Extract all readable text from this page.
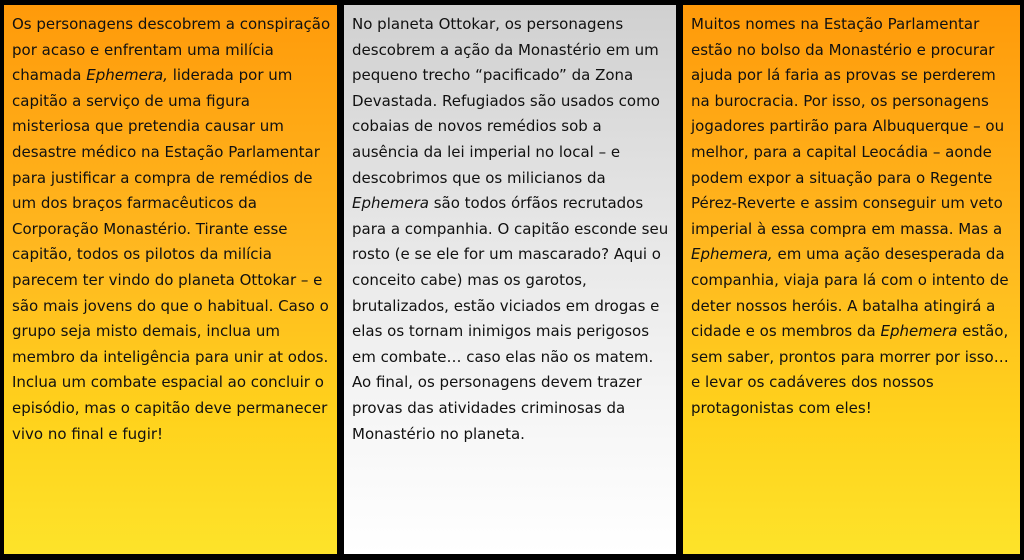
Os personagens descobrem a conspiração por acaso e enfrentam uma milícia chamada Ephemera, liderada por um capitão a serviço de uma figura misteriosa que pretendia causar um desastre médico na Estação Parlamentar para justificar a compra de remédios de um dos braços farmacêuticos da Corporação Monastério. Tirante esse capitão, todos os pilotos da milícia parecem ter vindo do planeta Ottokar – e são mais jovens do que o habitual. Caso o grupo seja misto demais, inclua um membro da inteligência para unir at odos. Inclua um combate espacial ao concluir o episódio, mas o capitão deve permanecer vivo no final e fugir!

No planeta Ottokar, os personagens descobrem a ação da Monastério em um pequeno trecho “pacificado” da Zona Devastada. Refugiados são usados como cobaias de novos remédios sob a ausência da lei imperial no local – e descobrimos que os milicianos da Ephemera são todos órfãos recrutados para a companhia. O capitão esconde seu rosto (e se ele for um mascarado? Aqui o conceito cabe) mas os garotos, brutalizados, estão viciados em drogas e elas os tornam inimigos mais perigosos em combate… caso elas não os matem. Ao final, os personagens devem trazer provas das atividades criminosas da Monastério no planeta.

Muitos nomes na Estação Parlamentar estão no bolso da Monastério e procurar ajuda por lá faria as provas se perderem na burocracia. Por isso, os personagens jogadores partirão para Albuquerque – ou melhor, para a capital Leocádia – aonde podem expor a situação para o Regente Pérez-Reverte e assim conseguir um veto imperial à essa compra em massa. Mas a Ephemera, em uma ação desesperada da companhia, viaja para lá com o intento de deter nossos heróis. A batalha atingirá a cidade e os membros da Ephemera estão, sem saber, prontos para morrer por isso… e levar os cadáveres dos nossos protagonistas com eles!
